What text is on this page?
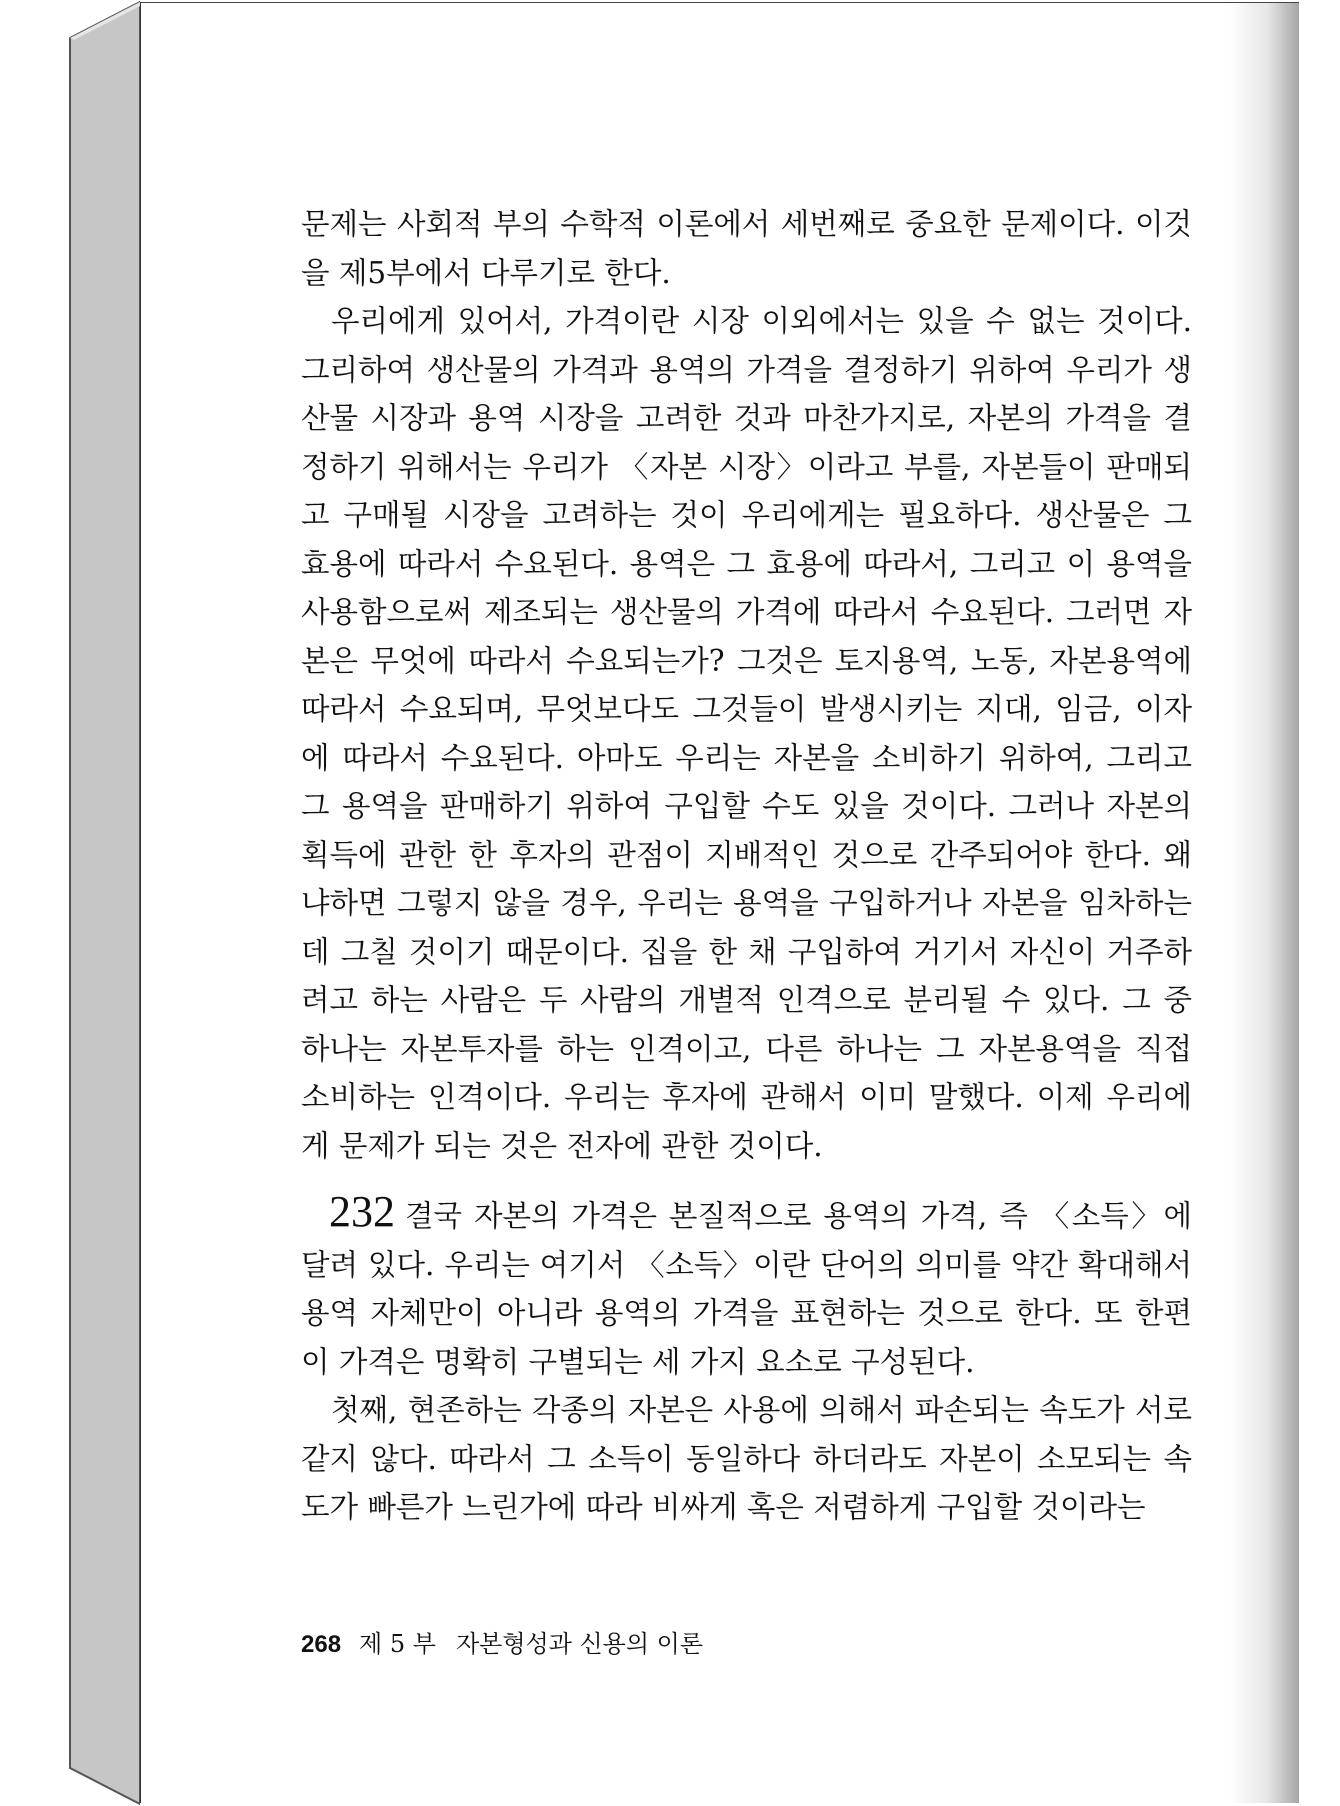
문제는 사회적 부의 수학적 이론에서 세번째로 중요한 문제이다. 이것을 제5부에서 다루기로 한다.

우리에게 있어서, 가격이란 시장 이외에서는 있을 수 없는 것이다. 그리하여 생산물의 가격과 용역의 가격을 결정하기 위하여 우리가 생산물 시장과 용역 시장을 고려한 것과 마찬가지로, 자본의 가격을 결정하기 위해서는 우리가 〈자본 시장〉이라고 부를, 자본들이 판매되고 구매될 시장을 고려하는 것이 우리에게는 필요하다. 생산물은 그 효용에 따라서 수요된다. 용역은 그 효용에 따라서, 그리고 이 용역을 사용함으로써 제조되는 생산물의 가격에 따라서 수요된다. 그러면 자본은 무엇에 따라서 수요되는가? 그것은 토지용역, 노동, 자본용역에 따라서 수요되며, 무엇보다도 그것들이 발생시키는 지대, 임금, 이자에 따라서 수요된다. 아마도 우리는 자본을 소비하기 위하여, 그리고 그 용역을 판매하기 위하여 구입할 수도 있을 것이다. 그러나 자본의 획득에 관한 한 후자의 관점이 지배적인 것으로 간주되어야 한다. 왜냐하면 그렇지 않을 경우, 우리는 용역을 구입하거나 자본을 임차하는 데 그칠 것이기 때문이다. 집을 한 채 구입하여 거기서 자신이 거주하려고 하는 사람은 두 사람의 개별적 인격으로 분리될 수 있다. 그 중 하나는 자본투자를 하는 인격이고, 다른 하나는 그 자본용역을 직접 소비하는 인격이다. 우리는 후자에 관해서 이미 말했다. 이제 우리에게 문제가 되는 것은 전자에 관한 것이다.

232 결국 자본의 가격은 본질적으로 용역의 가격, 즉 〈소득〉에 달려 있다. 우리는 여기서 〈소득〉이란 단어의 의미를 약간 확대해서 용역 자체만이 아니라 용역의 가격을 표현하는 것으로 한다. 또 한편 이 가격은 명확히 구별되는 세 가지 요소로 구성된다.

첫째, 현존하는 각종의 자본은 사용에 의해서 파손되는 속도가 서로 같지 않다. 따라서 그 소득이 동일하다 하더라도 자본이 소모되는 속도가 빠른가 느린가에 따라 비싸게 혹은 저렴하게 구입할 것이라는

268 제 5 부 자본형성과 신용의 이론
